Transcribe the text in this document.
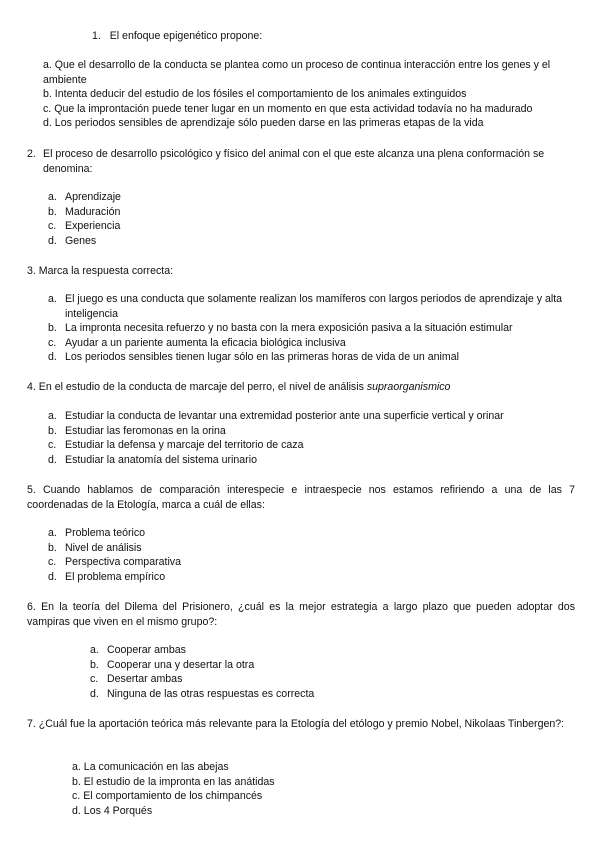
1. El enfoque epigenético propone:
a. Que el desarrollo de la conducta se plantea como un proceso de continua interacción entre los genes y el ambiente
b. Intenta deducir del estudio de los fósiles el comportamiento de los animales extinguidos
c. Que la improntación puede tener lugar en un momento en que esta actividad todavía no ha madurado
d. Los periodos sensibles de aprendizaje sólo pueden darse en las primeras etapas de la vida
2. El proceso de desarrollo psicológico y físico del animal con el que este alcanza una plena conformación se denomina:
a. Aprendizaje
b. Maduración
c. Experiencia
d. Genes
3. Marca la respuesta correcta:
a. El juego es una conducta que solamente realizan los mamíferos con largos periodos de aprendizaje y alta inteligencia
b. La impronta necesita refuerzo y no basta con la mera exposición pasiva a la situación estimular
c. Ayudar a un pariente aumenta la eficacia biológica inclusiva
d. Los periodos sensibles tienen lugar sólo en las primeras horas de vida de un animal
4. En el estudio de la conducta de marcaje del perro, el nivel de análisis supraorganismico
a. Estudiar la conducta de levantar una extremidad posterior ante una superficie vertical y orinar
b. Estudiar las feromonas en la orina
c. Estudiar la defensa y marcaje del territorio de caza
d. Estudiar la anatomía del sistema urinario
5. Cuando hablamos de comparación interespecie e intraespecie nos estamos refiriendo a una de las 7 coordenadas de la Etología, marca a cuál de ellas:
a. Problema teórico
b. Nivel de análisis
c. Perspectiva comparativa
d. El problema empírico
6. En la teoría del Dilema del Prisionero, ¿cuál es la mejor estrategia a largo plazo que pueden adoptar dos vampiras que viven en el mismo grupo?:
a. Cooperar ambas
b. Cooperar una y desertar la otra
c. Desertar ambas
d. Ninguna de las otras respuestas es correcta
7. ¿Cuál fue la aportación teórica más relevante para la Etología del etólogo y premio Nobel, Nikolaas Tinbergen?:
a. La comunicación en las abejas
b. El estudio de la impronta en las anátidas
c. El comportamiento de los chimpancés
d. Los 4 Porqués
